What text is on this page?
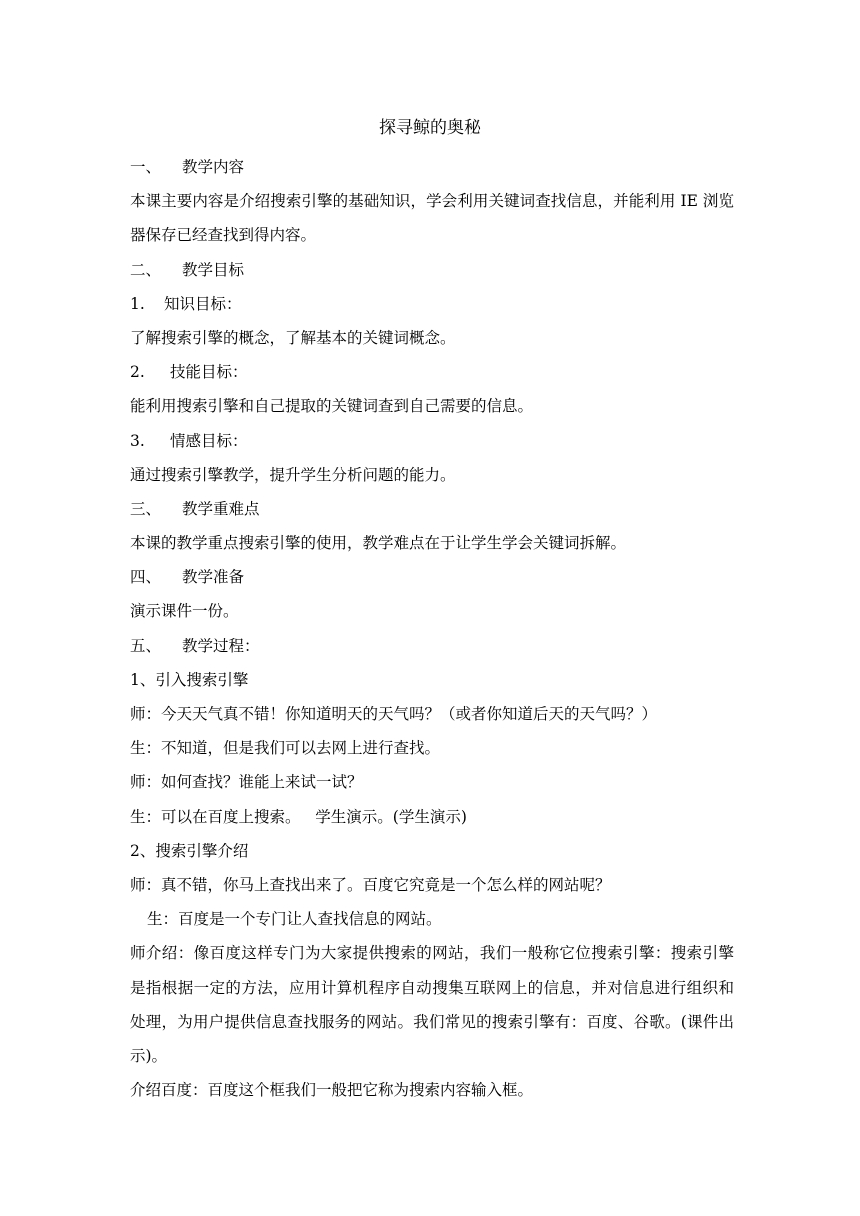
探寻鲸的奥秘
一、 教学内容
本课主要内容是介绍搜索引擎的基础知识，学会利用关键词查找信息，并能利用 IE 浏览器保存已经查找到得内容。
二、 教学目标
1. 知识目标：
了解搜索引擎的概念，了解基本的关键词概念。
2. 技能目标：
能利用搜索引擎和自己提取的关键词查到自己需要的信息。
3. 情感目标：
通过搜索引擎教学，提升学生分析问题的能力。
三、 教学重难点
本课的教学重点搜索引擎的使用，教学难点在于让学生学会关键词拆解。
四、 教学准备
演示课件一份。
五、 教学过程：
1、引入搜索引擎
师：今天天气真不错！你知道明天的天气吗？（或者你知道后天的天气吗？）
生：不知道，但是我们可以去网上进行查找。
师：如何查找？谁能上来试一试？
生：可以在百度上搜索。   学生演示。(学生演示)
2、搜索引擎介绍
师：真不错，你马上查找出来了。百度它究竟是一个怎么样的网站呢？
生：百度是一个专门让人查找信息的网站。
师介绍：像百度这样专门为大家提供搜索的网站，我们一般称它位搜索引擎：搜索引擎是指根据一定的方法，应用计算机程序自动搜集互联网上的信息，并对信息进行组织和处理，为用户提供信息查找服务的网站。我们常见的搜索引擎有：百度、谷歌。(课件出示)。
介绍百度：百度这个框我们一般把它称为搜索内容输入框。
